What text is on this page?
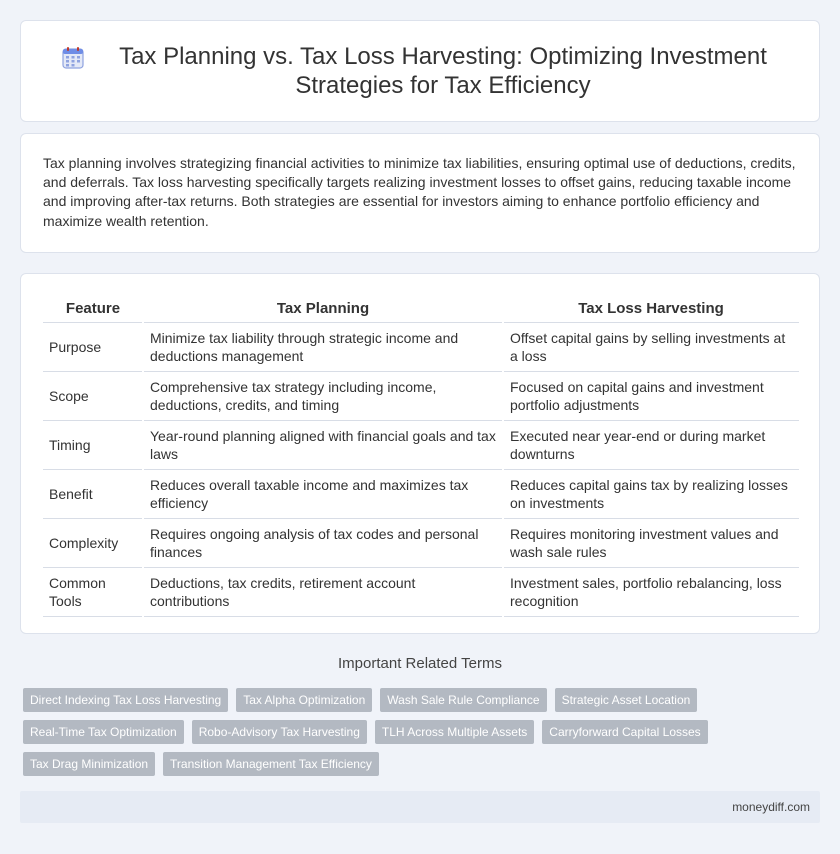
Tax Planning vs. Tax Loss Harvesting: Optimizing Investment Strategies for Tax Efficiency

Tax planning involves strategizing financial activities to minimize tax liabilities, ensuring optimal use of deductions, credits, and deferrals. Tax loss harvesting specifically targets realizing investment losses to offset gains, reducing taxable income and improving after-tax returns. Both strategies are essential for investors aiming to enhance portfolio efficiency and maximize wealth retention.

Feature	Tax Planning	Tax Loss Harvesting
Purpose	Minimize tax liability through strategic income and deductions management	Offset capital gains by selling investments at a loss
Scope	Comprehensive tax strategy including income, deductions, credits, and timing	Focused on capital gains and investment portfolio adjustments
Timing	Year-round planning aligned with financial goals and tax laws	Executed near year-end or during market downturns
Benefit	Reduces overall taxable income and maximizes tax efficiency	Reduces capital gains tax by realizing losses on investments
Complexity	Requires ongoing analysis of tax codes and personal finances	Requires monitoring investment values and wash sale rules
Common Tools	Deductions, tax credits, retirement account contributions	Investment sales, portfolio rebalancing, loss recognition
Important Related Terms
Direct Indexing Tax Loss Harvesting	Tax Alpha Optimization	Wash Sale Rule Compliance	Strategic Asset Location
Real-Time Tax Optimization	Robo-Advisory Tax Harvesting	TLH Across Multiple Assets	Carryforward Capital Losses
Tax Drag Minimization	Transition Management Tax Efficiency
moneydiff.com
